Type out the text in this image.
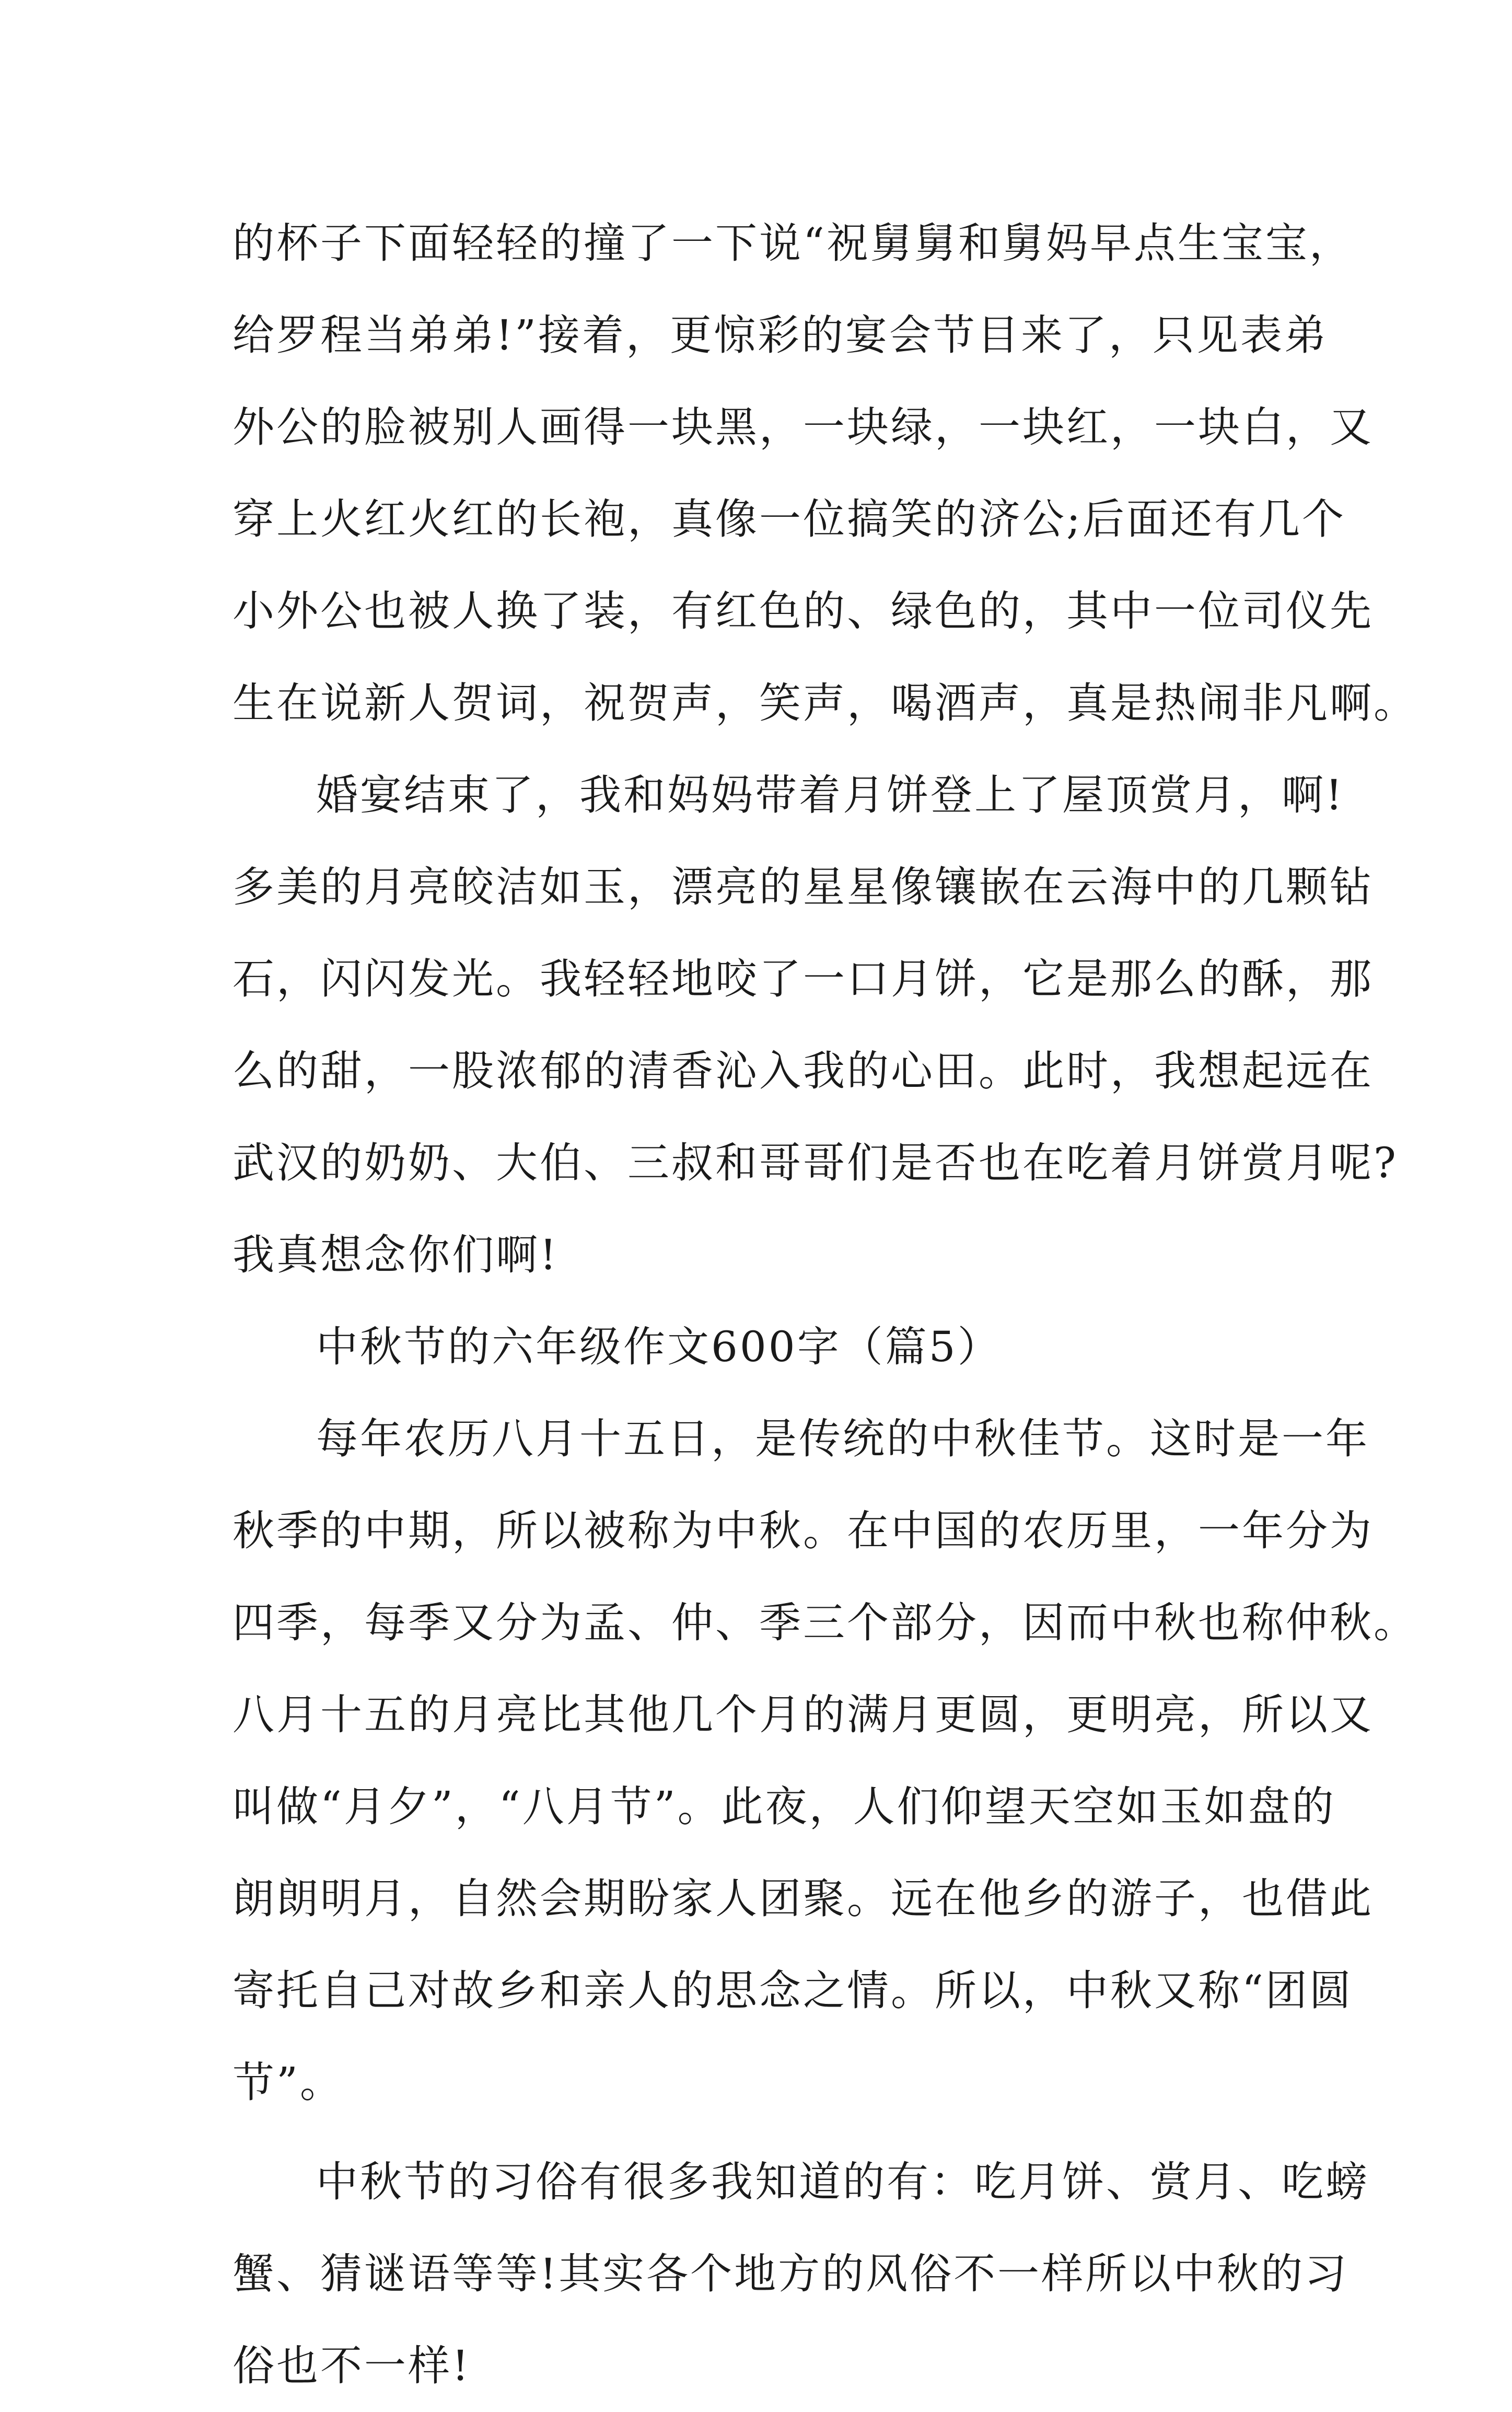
的杯子下面轻轻的撞了一下说“祝舅舅和舅妈早点生宝宝，
给罗程当弟弟!”接着，更惊彩的宴会节目来了，只见表弟
外公的脸被别人画得一块黑，一块绿，一块红，一块白，又
穿上火红火红的长袍，真像一位搞笑的济公;后面还有几个
小外公也被人换了装，有红色的、绿色的，其中一位司仪先
生在说新人贺词，祝贺声，笑声，喝酒声，真是热闹非凡啊。
婚宴结束了，我和妈妈带着月饼登上了屋顶赏月，啊!
多美的月亮皎洁如玉，漂亮的星星像镶嵌在云海中的几颗钻
石，闪闪发光。我轻轻地咬了一口月饼，它是那么的酥，那
么的甜，一股浓郁的清香沁入我的心田。此时，我想起远在
武汉的奶奶、大伯、三叔和哥哥们是否也在吃着月饼赏月呢?
我真想念你们啊!
中秋节的六年级作文600字（篇5）
每年农历八月十五日，是传统的中秋佳节。这时是一年
秋季的中期，所以被称为中秋。在中国的农历里，一年分为
四季，每季又分为孟、仲、季三个部分，因而中秋也称仲秋。
八月十五的月亮比其他几个月的满月更圆，更明亮，所以又
叫做“月夕”，“八月节”。此夜，人们仰望天空如玉如盘的
朗朗明月，自然会期盼家人团聚。远在他乡的游子，也借此
寄托自己对故乡和亲人的思念之情。所以，中秋又称“团圆
节”。
中秋节的习俗有很多我知道的有：吃月饼、赏月、吃螃
蟹、猜谜语等等!其实各个地方的风俗不一样所以中秋的习
俗也不一样!
